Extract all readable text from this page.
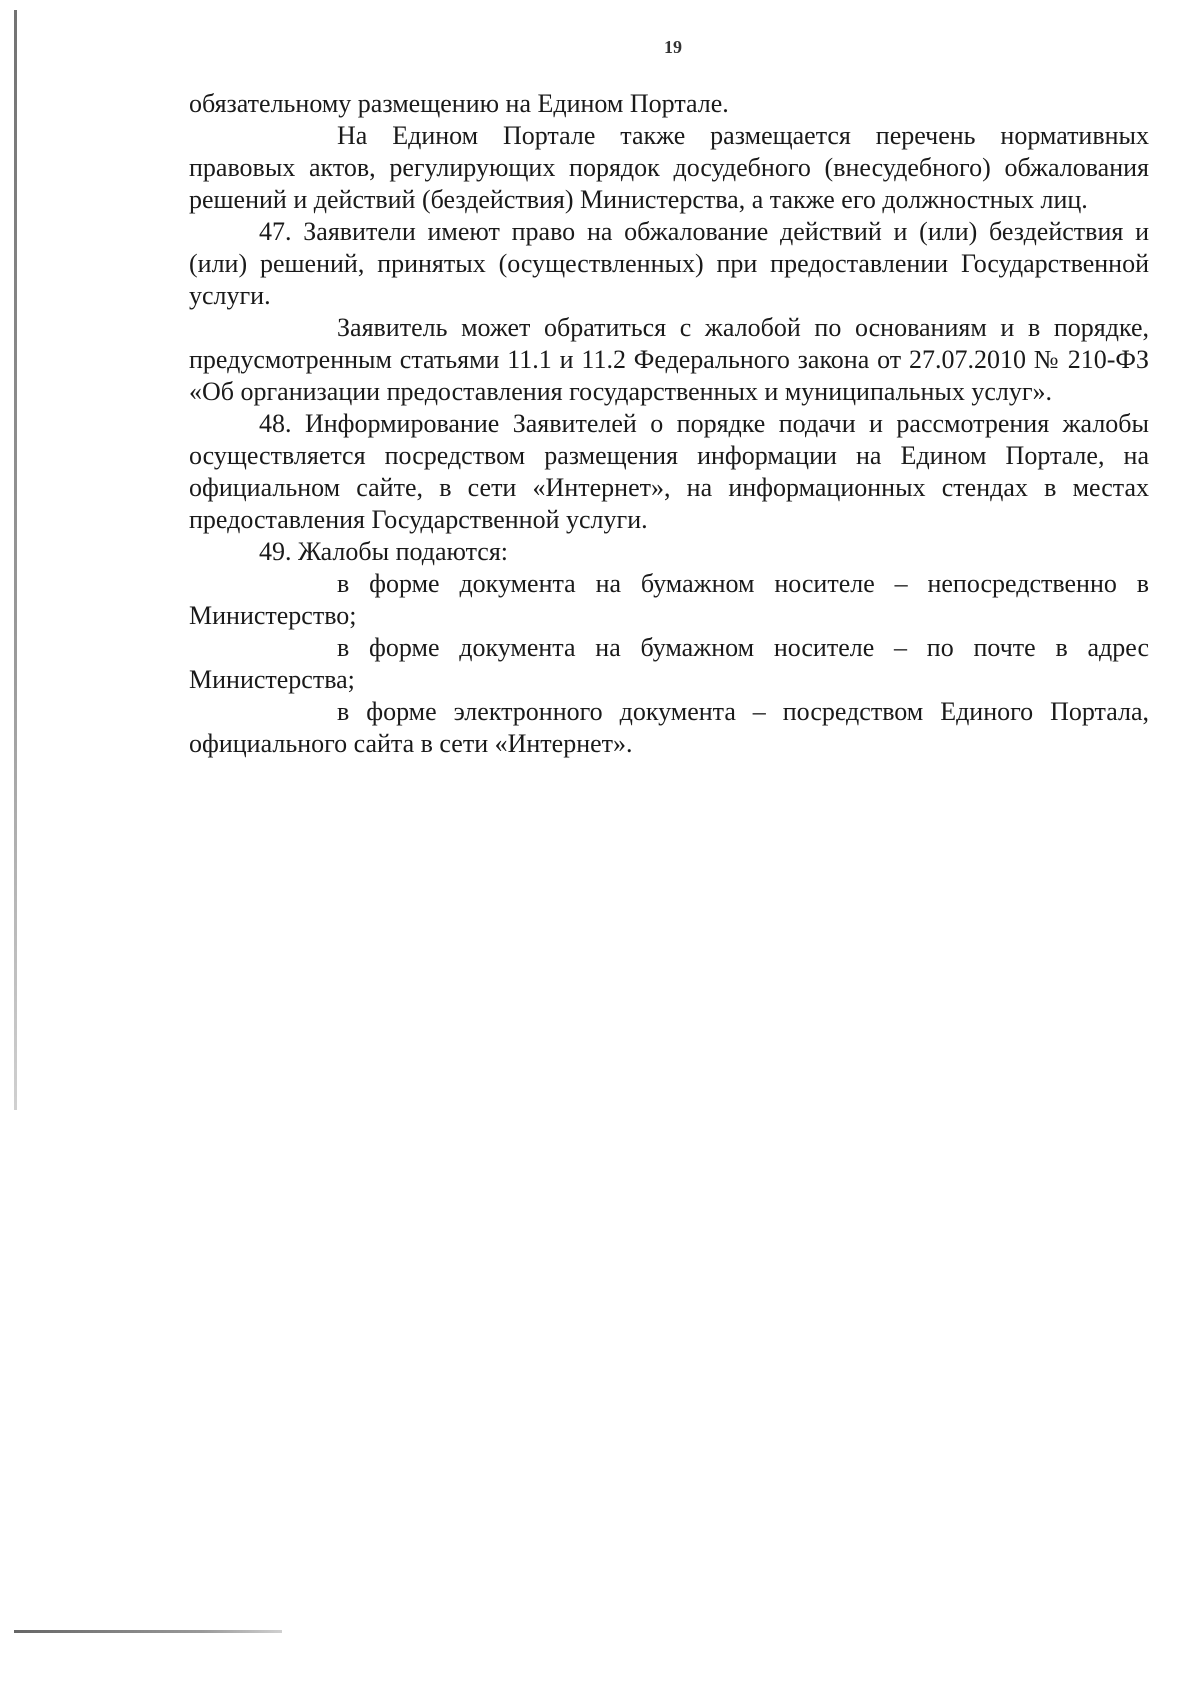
19

обязательному размещению на Едином Портале.

На Едином Портале также размещается перечень нормативных правовых актов, регулирующих порядок досудебного (внесудебного) обжалования решений и действий (бездействия) Министерства, а также его должностных лиц.

47. Заявители имеют право на обжалование действий и (или) бездействия и (или) решений, принятых (осуществленных) при предоставлении Государственной услуги.

Заявитель может обратиться с жалобой по основаниям и в порядке, предусмотренным статьями 11.1 и 11.2 Федерального закона от 27.07.2010 № 210-ФЗ «Об организации предоставления государственных и муниципальных услуг».

48. Информирование Заявителей о порядке подачи и рассмотрения жалобы осуществляется посредством размещения информации на Едином Портале, на официальном сайте, в сети «Интернет», на информационных стендах в местах предоставления Государственной услуги.

49. Жалобы подаются:

в форме документа на бумажном носителе – непосредственно в Министерство;

в форме документа на бумажном носителе – по почте в адрес Министерства;

в форме электронного документа – посредством Единого Портала, официального сайта в сети «Интернет».
